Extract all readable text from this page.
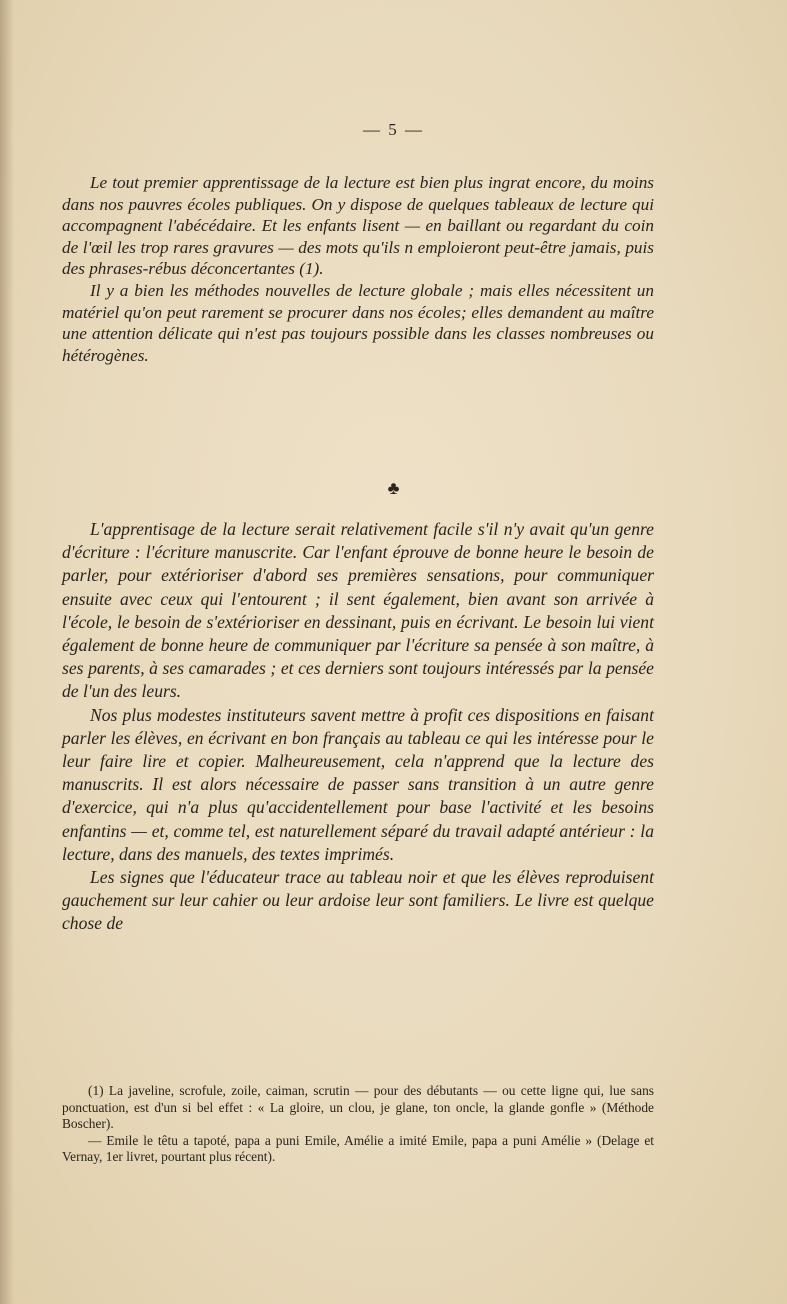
— 5 —

Le tout premier apprentissage de la lecture est bien plus ingrat encore, du moins dans nos pauvres écoles publiques. On y dispose de quelques tableaux de lecture qui accompagnent l'abécédaire. Et les enfants lisent — en baillant ou regardant du coin de l'œil les trop rares gravures — des mots qu'ils n emploieront peut-être jamais, puis des phrases-rébus déconcertantes (1).

Il y a bien les méthodes nouvelles de lecture globale ; mais elles nécessitent un matériel qu'on peut rarement se procurer dans nos écoles; elles demandent au maître une attention délicate qui n'est pas toujours possible dans les classes nombreuses ou hétérogènes.

♣

L'apprentisage de la lecture serait relativement facile s'il n'y avait qu'un genre d'écriture : l'écriture manuscrite. Car l'enfant éprouve de bonne heure le besoin de parler, pour extérioriser d'abord ses premières sensations, pour communiquer ensuite avec ceux qui l'entourent ; il sent également, bien avant son arrivée à l'école, le besoin de s'extérioriser en dessinant, puis en écrivant. Le besoin lui vient également de bonne heure de communiquer par l'écriture sa pensée à son maître, à ses parents, à ses camarades ; et ces derniers sont toujours intéressés par la pensée de l'un des leurs.

Nos plus modestes instituteurs savent mettre à profit ces dispositions en faisant parler les élèves, en écrivant en bon français au tableau ce qui les intéresse pour le leur faire lire et copier. Malheureusement, cela n'apprend que la lecture des manuscrits. Il est alors nécessaire de passer sans transition à un autre genre d'exercice, qui n'a plus qu'accidentellement pour base l'activité et les besoins enfantins — et, comme tel, est naturellement séparé du travail adapté antérieur : la lecture, dans des manuels, des textes imprimés.

Les signes que l'éducateur trace au tableau noir et que les élèves reproduisent gauchement sur leur cahier ou leur ardoise leur sont familiers. Le livre est quelque chose de

(1) La javeline, scrofule, zoile, caiman, scrutin — pour des débutants — ou cette ligne qui, lue sans ponctuation, est d'un si bel effet : « La gloire, un clou, je glane, ton oncle, la glande gonfle » (Méthode Boscher).

— Emile le têtu a tapoté, papa a puni Emile, Amélie a imité Emile, papa a puni Amélie » (Delage et Vernay, 1er livret, pourtant plus récent).
